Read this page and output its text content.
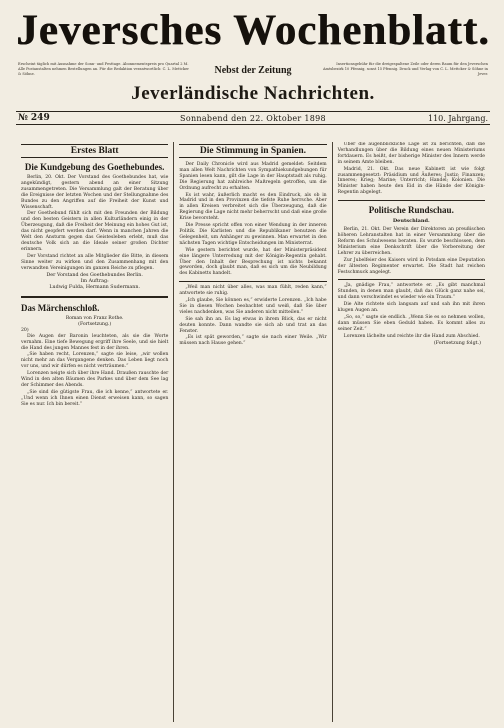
Jeversches Wochenblatt.
Erscheint täglich mit Ausnahme der Sonn- und Festtage. Abonnementspreis pro Quartal 2 M. Alle Postanstalten nehmen Bestellungen an. Für die Redaktion verantwortlich: C. L. Mettcker & Söhne.	Nebst der Zeitung
Insertionsgebühr für die dreigespaltene Zeile oder deren Raum für den Jeverschen Amtsbezirk 10 Pfennig, sonst 15 Pfennig. Druck und Verlag von C. L. Mettcker & Söhne in Jever.
Jeverländische Nachrichten.
№ 249	Sonnabend den 22. Oktober 1898	110. Jahrgang.
Erstes Blatt
Die Kundgebung des Goethebundes.

Berlin, 20. Okt. Der Vorstand des Goethebundes hat, wie angekündigt, gestern abend an einer Sitzung zusammengetreten. Die Versammlung galt der Beratung über die Ereignisse der letzten Wochen und der Stellungnahme des Bundes zu den Angriffen auf die Freiheit der Kunst und Wissenschaft.

Der Goethebund fühlt sich mit den Freunden der Bildung und den besten Geistern in allen Kulturländern einig in der Überzeugung, daß die Freiheit der Meinung ein hohes Gut ist, das nicht geopfert werden darf. Wenn in manchen Jahren die Welt den Ansturm gegen das Geistesleben erlebt, muß das deutsche Volk sich an die Ideale seiner großen Dichter erinnern.

Der Vorstand richtet an alle Mitglieder die Bitte, in diesem Sinne weiter zu wirken und den Zusammenhang mit den verwandten Vereinigungen im ganzen Reiche zu pflegen.

Der Vorstand des Goethebundes Berlin.
Im Auftrag:
Ludwig Fulda, Hermann Sudermann.
Das Märchenschloß.
Roman von Franz Rothe.
(Fortsetzung.)
20)

Die Augen der Baronin leuchteten, als sie die Worte vernahm. Eine tiefe Bewegung ergriff ihre Seele, und sie hielt die Hand des jungen Mannes fest in der ihren.

„Sie haben recht, Lorenzen,“ sagte sie leise, „wir wollen nicht mehr an das Vergangene denken. Das Leben liegt noch vor uns, und wir dürfen es nicht verträumen.“

Lorenzen neigte sich über ihre Hand. Draußen rauschte der Wind in den alten Bäumen des Parkes und über dem See lag der Schimmer des Abends.

„Sie sind die gütigste Frau, die ich kenne,“ antwortete er. „Und wenn ich Ihnen einen Dienst erweisen kann, so sagen Sie es nur. Ich bin bereit.“

Die Stimmung in Spanien.

Der Daily Chronicle wird aus Madrid gemeldet: Seitdem man allen Welt Nachrichten von Sympathiekundgebungen für Spanien lesen kann, gilt die Lage in der Hauptstadt als ruhig. Die Regierung hat zahlreiche Maßregeln getroffen, um die Ordnung aufrecht zu erhalten.

Es ist wahr, äußerlich macht es den Eindruck, als ob in Madrid und in den Provinzen die tiefste Ruhe herrsche. Aber in allen Kreisen verbreitet sich die Überzeugung, daß die Regierung die Lage nicht mehr beherrscht und daß eine große Krise bevorsteht.

Die Presse spricht offen von einer Wendung in der inneren Politik. Die Karlisten und die Republikaner benutzen die Gelegenheit, um Anhänger zu gewinnen. Man erwartet in den nächsten Tagen wichtige Entscheidungen im Ministerrat.

Wie gestern berichtet wurde, hat der Ministerpräsident eine längere Unterredung mit der Königin-Regentin gehabt. Über den Inhalt der Besprechung ist nichts bekannt geworden, doch glaubt man, daß es sich um die Neubildung des Kabinetts handelt.

„Weil man nicht über alles, was man fühlt, reden kann,“ antwortete sie ruhig.

„Ich glaube, Sie können es,“ erwiderte Lorenzen. „Ich habe Sie in diesen Wochen beobachtet und weiß, daß Sie über vieles nachdenken, was Sie anderen nicht mitteilen.“

Sie sah ihn an. Es lag etwas in ihrem Blick, das er nicht deuten konnte. Dann wandte sie sich ab und trat an das Fenster.

„Es ist spät geworden,“ sagte sie nach einer Weile. „Wir müssen nach Hause gehen.“

Über die augenblickliche Lage ist zu berichten, daß die Verhandlungen über die Bildung eines neuen Ministeriums fortdauern. Es heißt, der bisherige Minister des Innern werde in seinem Amte bleiben.

Madrid, 21. Okt. Das neue Kabinett ist wie folgt zusammengesetzt: Präsidium und Äußeres; Justiz; Finanzen; Inneres; Krieg; Marine; Unterricht; Handel; Kolonien. Die Minister haben heute den Eid in die Hände der Königin-Regentin abgelegt.

Politische Rundschau.
Deutschland.

Berlin, 21. Okt. Der Verein der Direktoren an preußischen höheren Lehranstalten hat in einer Versammlung über die Reform des Schulwesens beraten. Es wurde beschlossen, dem Ministerium eine Denkschrift über die Vorbereitung der Lehrer zu überreichen.

Zur Jubelfeier des Kaisers wird in Potsdam eine Deputation der ältesten Regimenter erwartet. Die Stadt hat reichen Festschmuck angelegt.

„Ja, gnädige Frau,“ antwortete er. „Es gibt manchmal Stunden, in denen man glaubt, daß das Glück ganz nahe sei, und dann verschwindet es wieder wie ein Traum.“

Die Alte richtete sich langsam auf und sah ihn mit ihren klugen Augen an.

„So, so,“ sagte sie endlich. „Wenn Sie es so nehmen wollen, dann müssen Sie eben Geduld haben. Es kommt alles zu seiner Zeit.“

Lorenzen lächelte und reichte ihr die Hand zum Abschied.

(Fortsetzung folgt.)
